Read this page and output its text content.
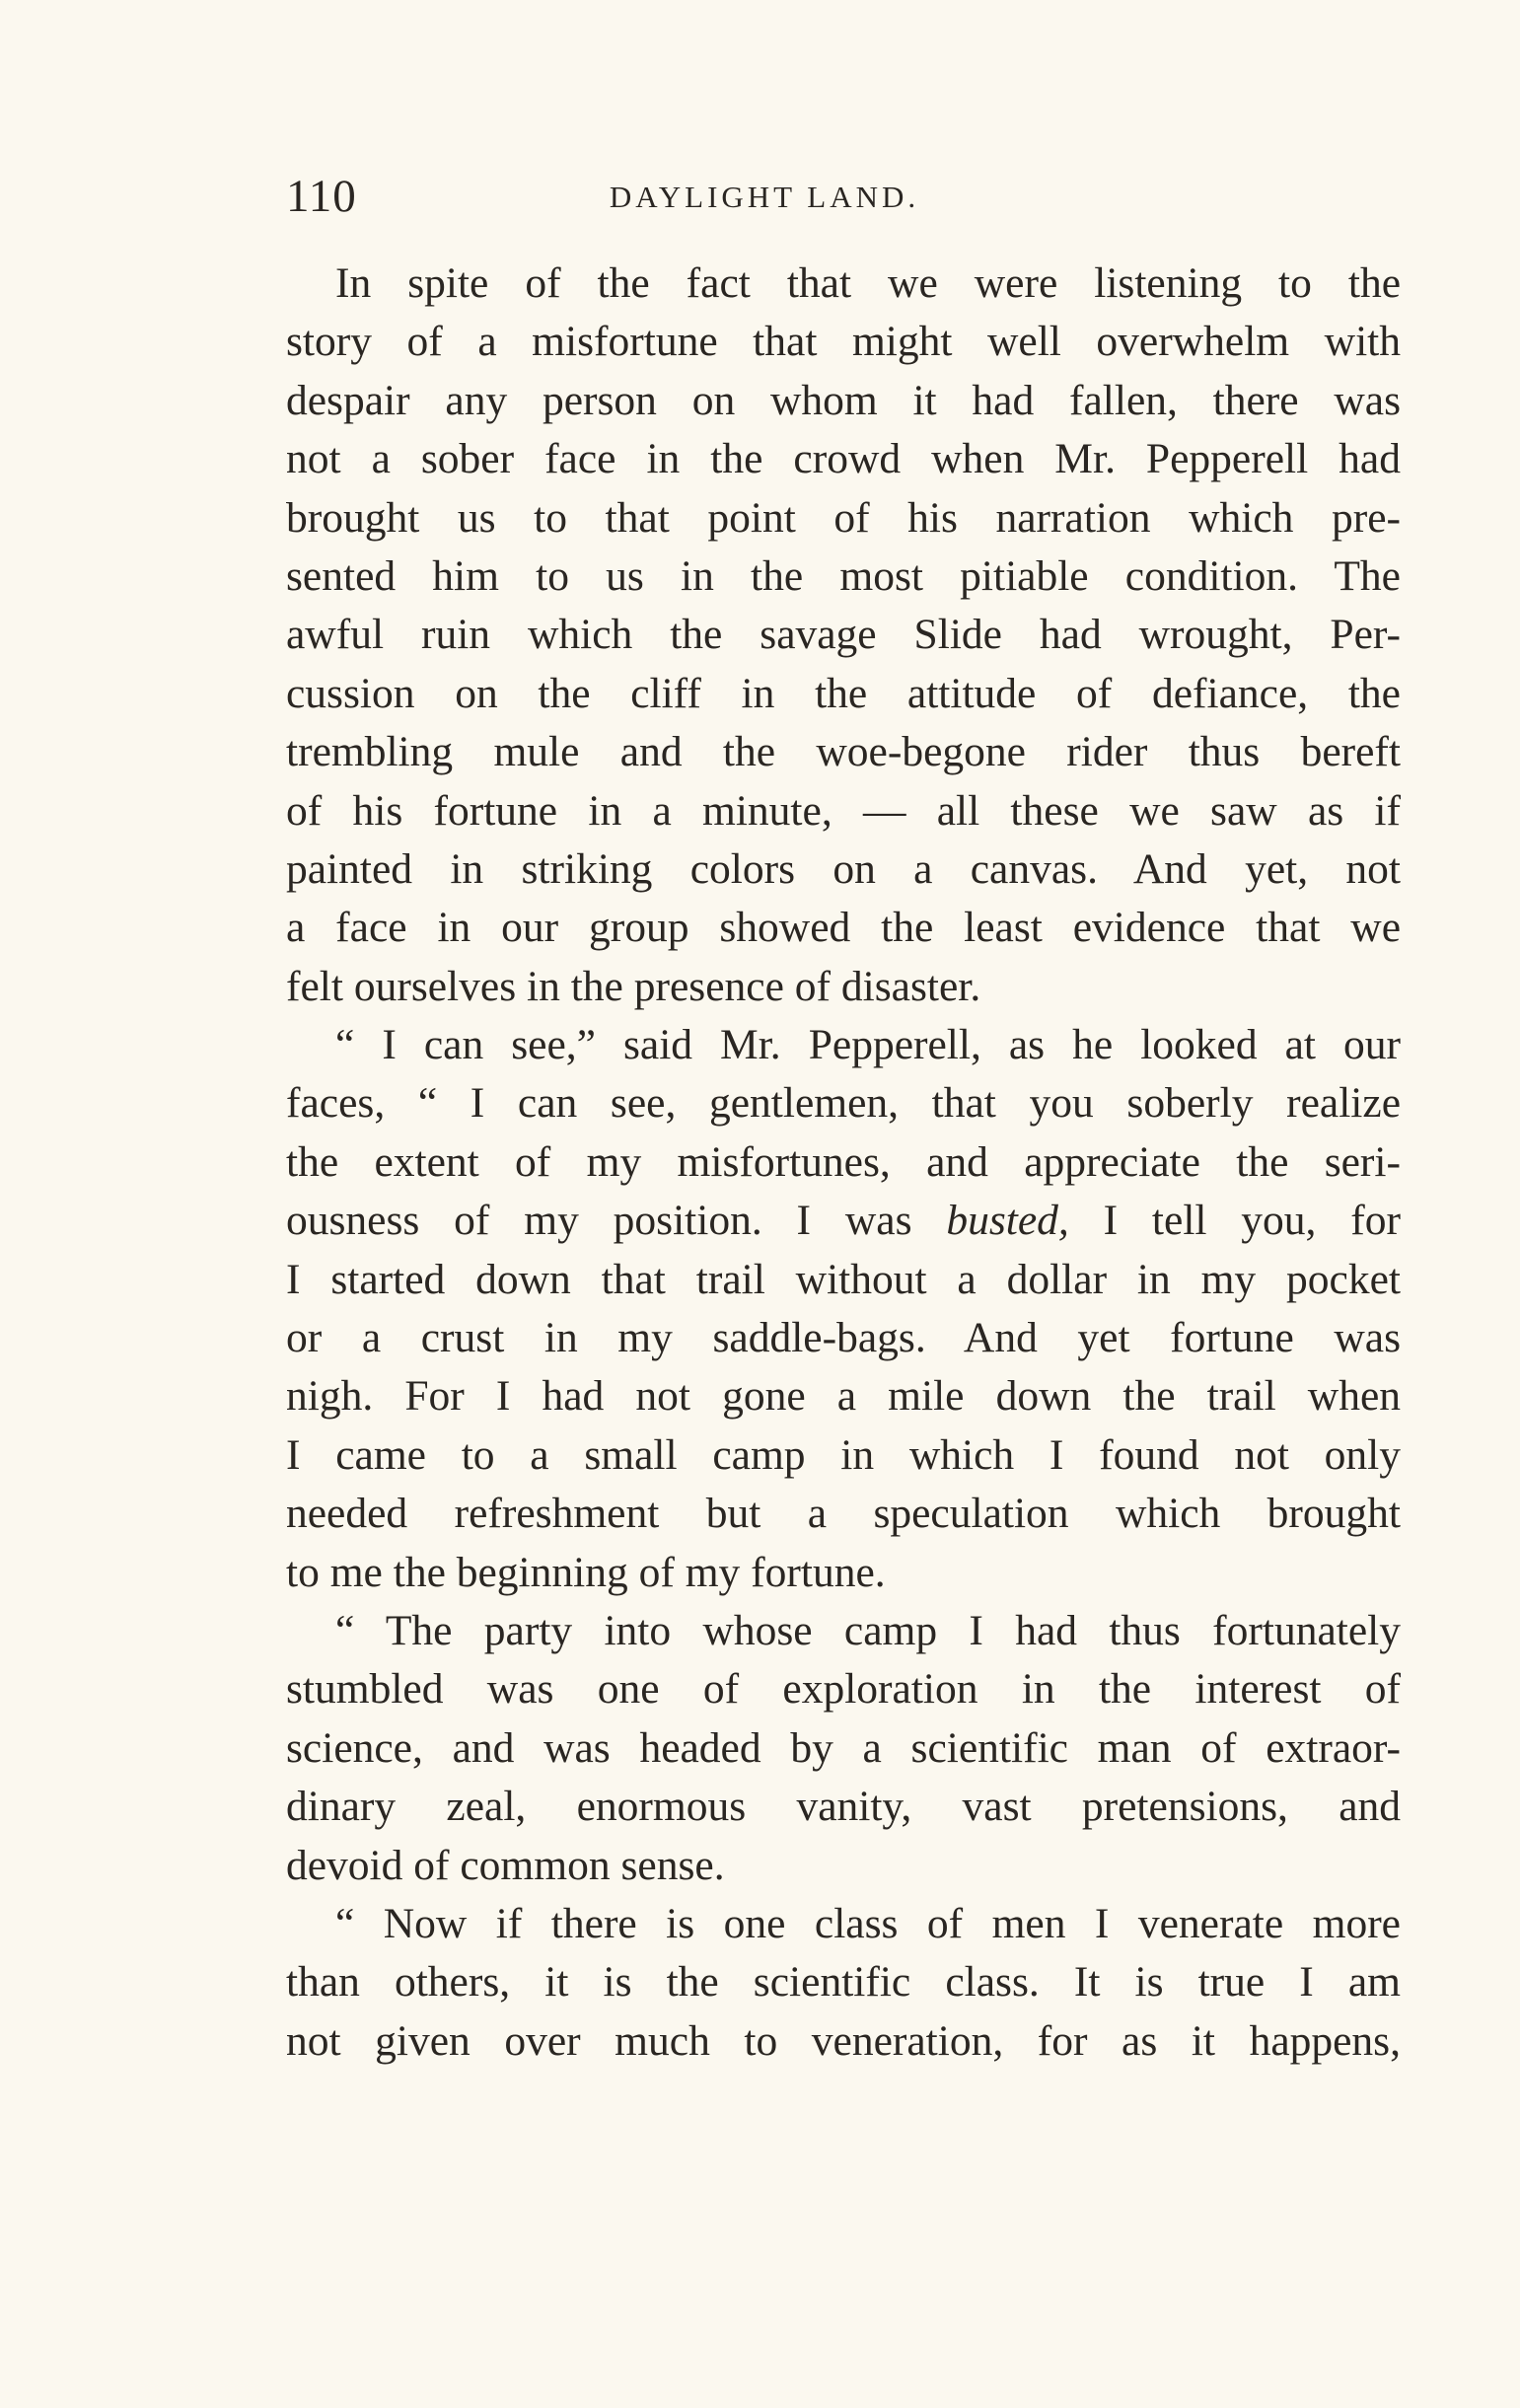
110	DAYLIGHT LAND.
In spite of the fact that we were listening to the
story of a misfortune that might well overwhelm with
despair any person on whom it had fallen, there was
not a sober face in the crowd when Mr. Pepperell had
brought us to that point of his narration which pre-
sented him to us in the most pitiable condition. The
awful ruin which the savage Slide had wrought, Per-
cussion on the cliff in the attitude of defiance, the
trembling mule and the woe-begone rider thus bereft
of his fortune in a minute, — all these we saw as if
painted in striking colors on a canvas. And yet, not
a face in our group showed the least evidence that we
felt ourselves in the presence of disaster.
“ I can see,” said Mr. Pepperell, as he looked at our
faces, “ I can see, gentlemen, that you soberly realize
the extent of my misfortunes, and appreciate the seri-
ousness of my position. I was busted, I tell you, for
I started down that trail without a dollar in my pocket
or a crust in my saddle-bags. And yet fortune was
nigh. For I had not gone a mile down the trail when
I came to a small camp in which I found not only
needed refreshment but a speculation which brought
to me the beginning of my fortune.
“ The party into whose camp I had thus fortunately
stumbled was one of exploration in the interest of
science, and was headed by a scientific man of extraor-
dinary zeal, enormous vanity, vast pretensions, and
devoid of common sense.
“ Now if there is one class of men I venerate more
than others, it is the scientific class. It is true I am
not given over much to veneration, for as it happens,
